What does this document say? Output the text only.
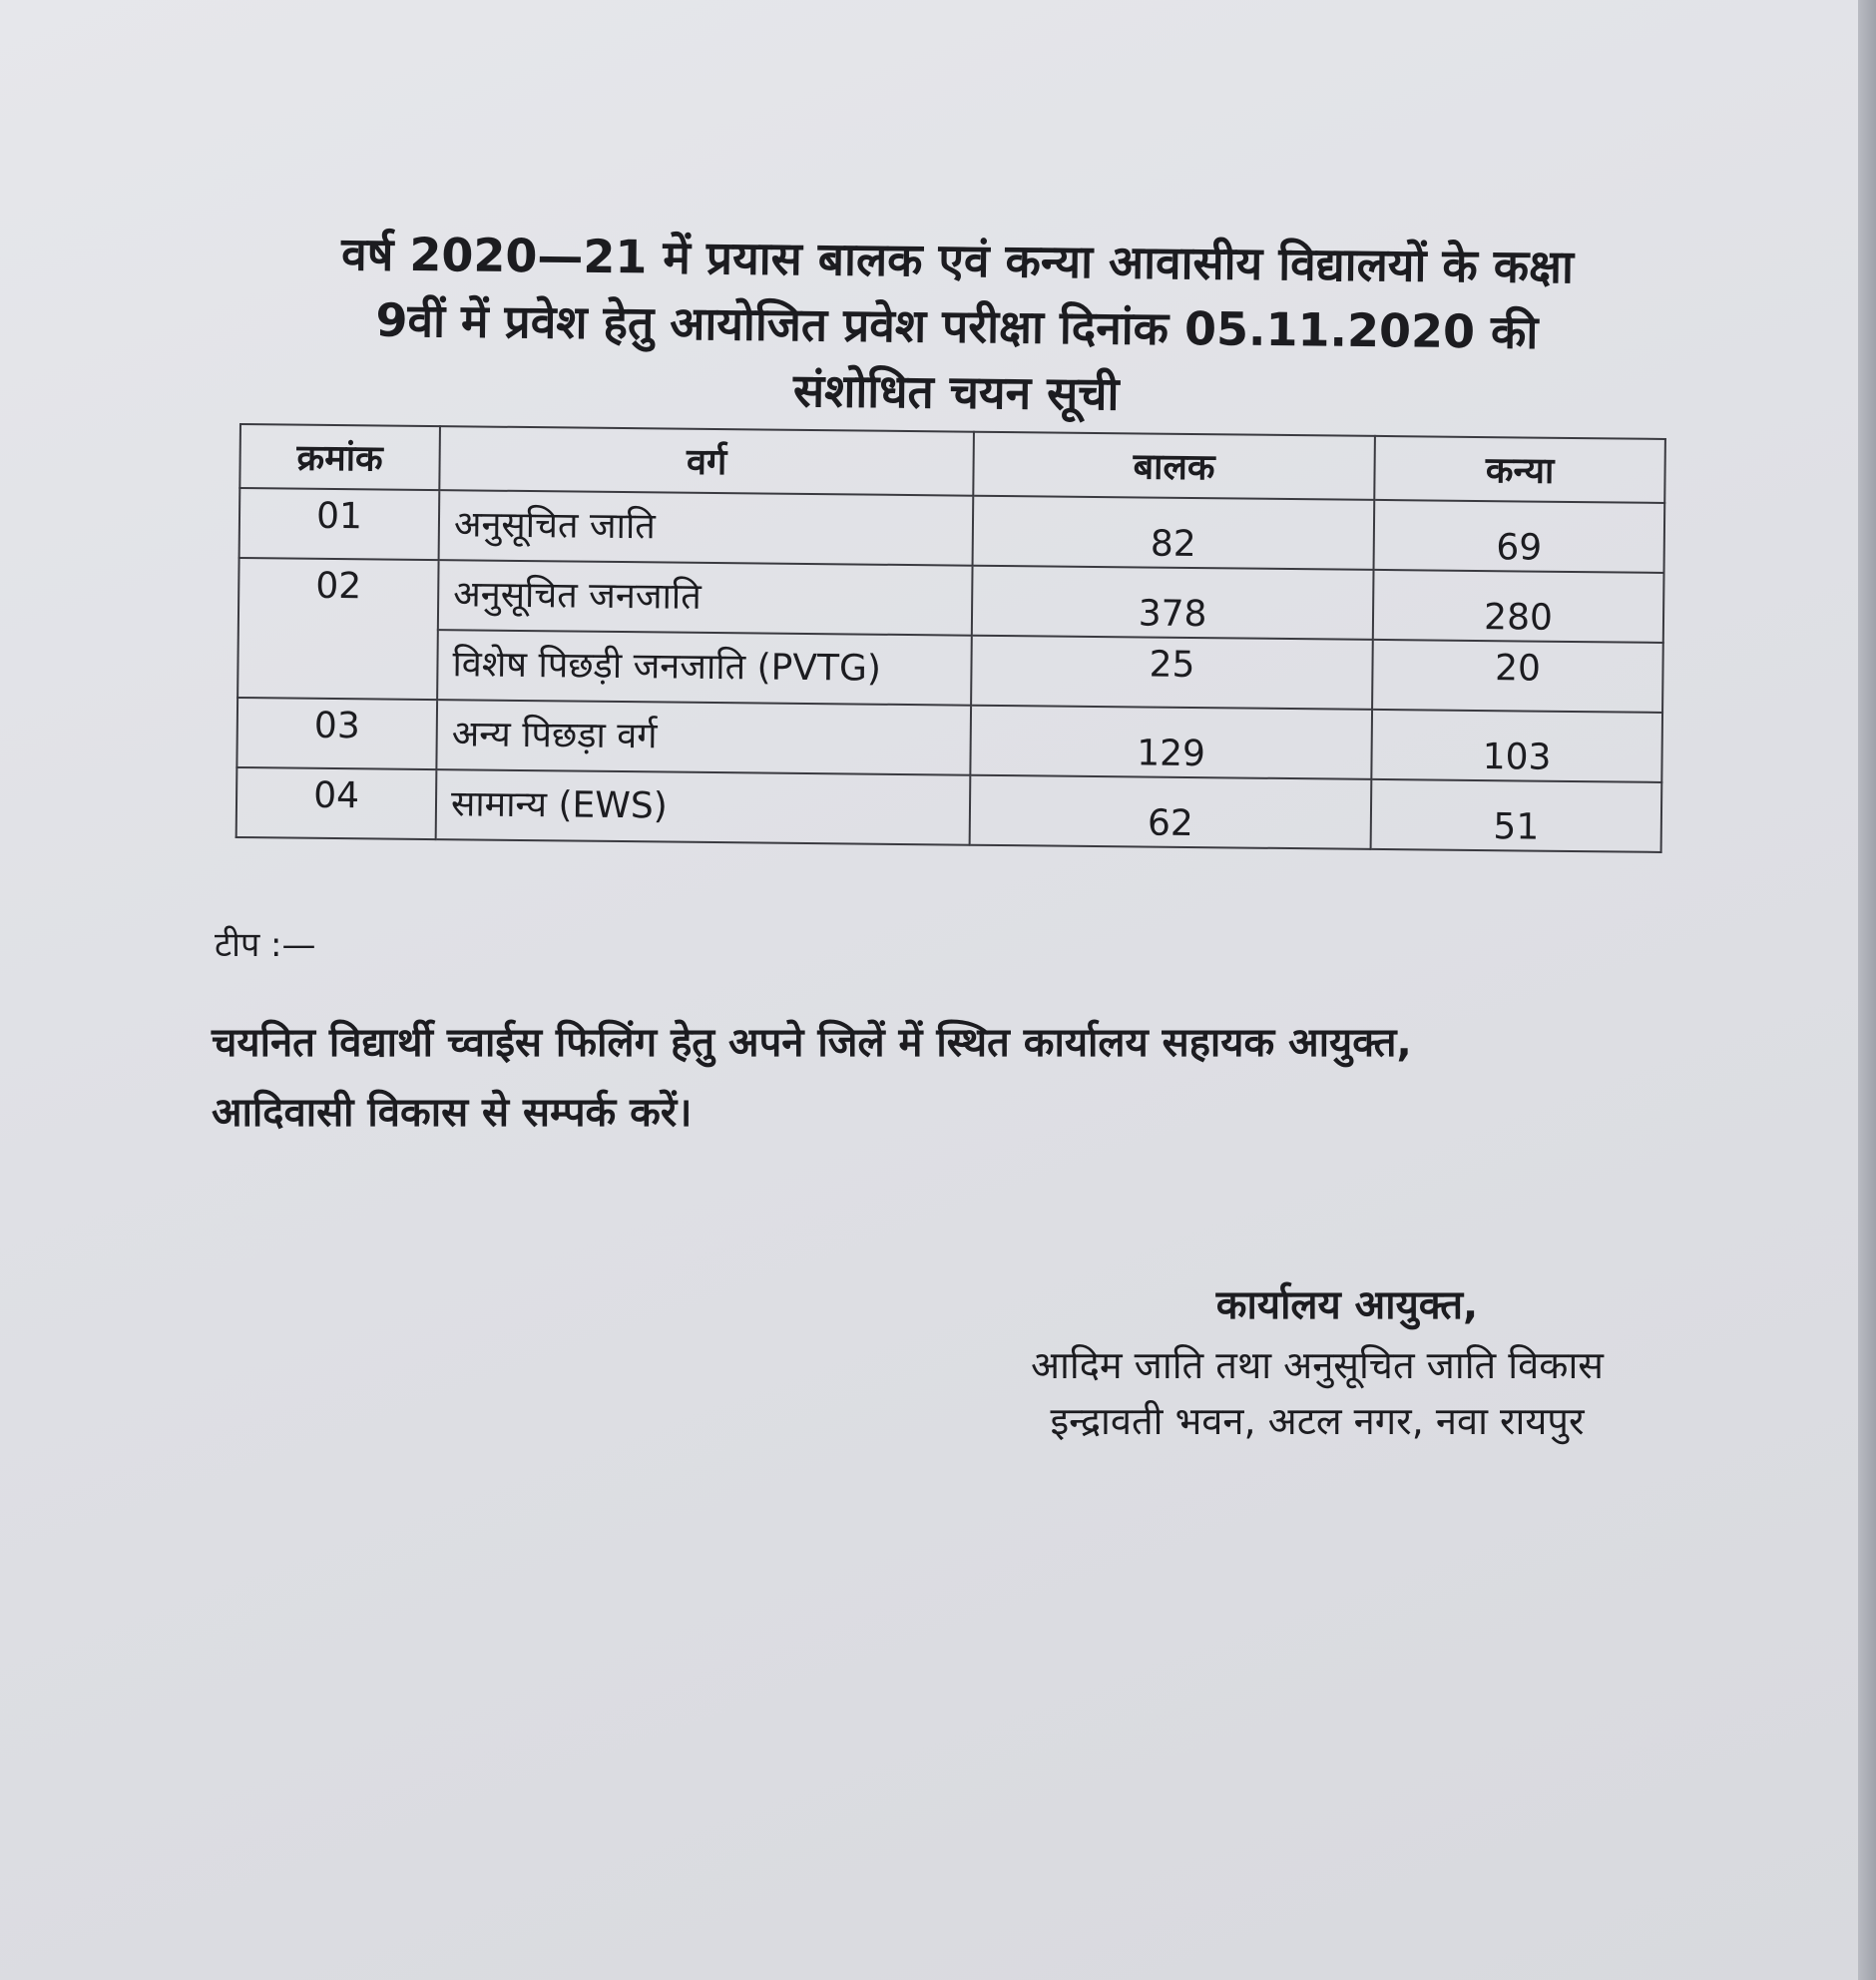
वर्ष 2020—21 में प्रयास बालक एवं कन्या आवासीय विद्यालयों के कक्षा
9वीं में प्रवेश हेतु आयोजित प्रवेश परीक्षा दिनांक 05.11.2020 की
संशोधित चयन सूची
क्रमांक	वर्ग	बालक	कन्या
01	अनुसूचित जाति	82	69
02	अनुसूचित जनजाति	378	280
	विशेष पिछड़ी जनजाति (PVTG)	25	20
03	अन्य पिछड़ा वर्ग	129	103
04	सामान्य (EWS)	62	51

टीप :—

चयनित विद्यार्थी च्वाईस फिलिंग हेतु अपने जिलें में स्थित कार्यालय सहायक आयुक्त, आदिवासी विकास से सम्पर्क करें।

कार्यालय आयुक्त,
आदिम जाति तथा अनुसूचित जाति विकास
इन्द्रावती भवन, अटल नगर, नवा रायपुर
